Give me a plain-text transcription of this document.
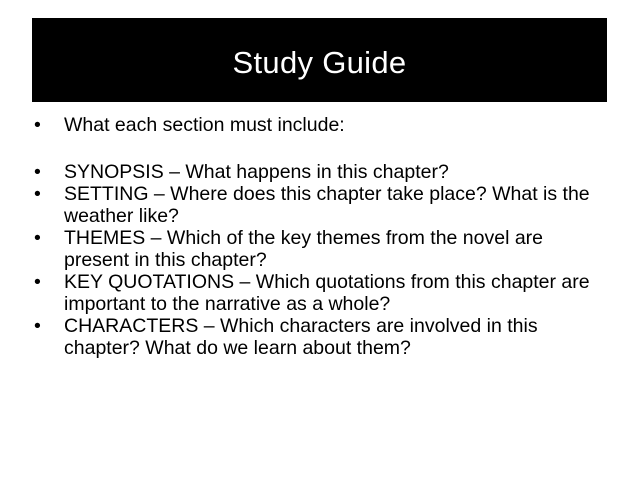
Study Guide
• What each section must include:
• SYNOPSIS – What happens in this chapter?
• SETTING – Where does this chapter take place? What is the weather like?
• THEMES – Which of the key themes from the novel are present in this chapter?
• KEY QUOTATIONS – Which quotations from this chapter are important to the narrative as a whole?
• CHARACTERS – Which characters are involved in this chapter? What do we learn about them?
